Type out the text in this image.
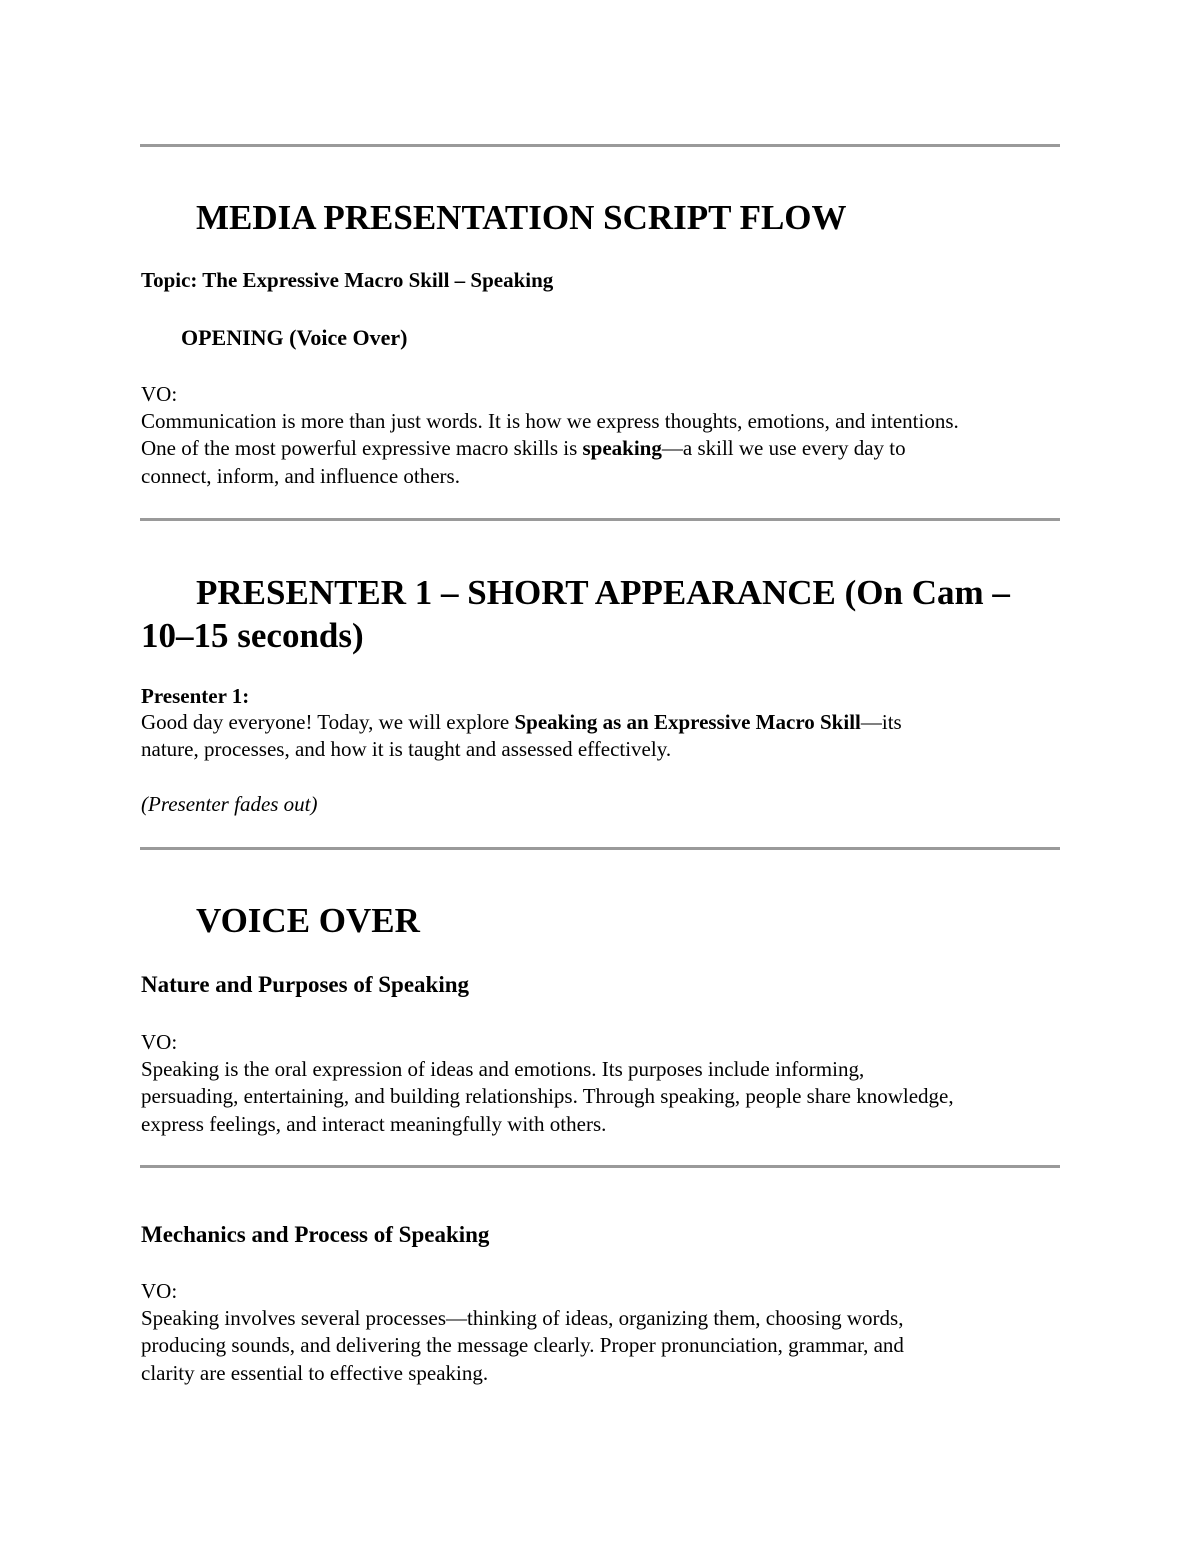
MEDIA PRESENTATION SCRIPT FLOW

Topic: The Expressive Macro Skill – Speaking

OPENING (Voice Over)

VO:

Communication is more than just words. It is how we express thoughts, emotions, and intentions.
One of the most powerful expressive macro skills is speaking—a skill we use every day to
connect, inform, and influence others.
PRESENTER 1 – SHORT APPEARANCE (On Cam –
10–15 seconds)

Presenter 1:

Good day everyone! Today, we will explore Speaking as an Expressive Macro Skill—its
nature, processes, and how it is taught and assessed effectively.

(Presenter fades out)

VOICE OVER
Nature and Purposes of Speaking

VO:

Speaking is the oral expression of ideas and emotions. Its purposes include informing,
persuading, entertaining, and building relationships. Through speaking, people share knowledge,
express feelings, and interact meaningfully with others.
Mechanics and Process of Speaking

VO:

Speaking involves several processes—thinking of ideas, organizing them, choosing words,
producing sounds, and delivering the message clearly. Proper pronunciation, grammar, and
clarity are essential to effective speaking.
